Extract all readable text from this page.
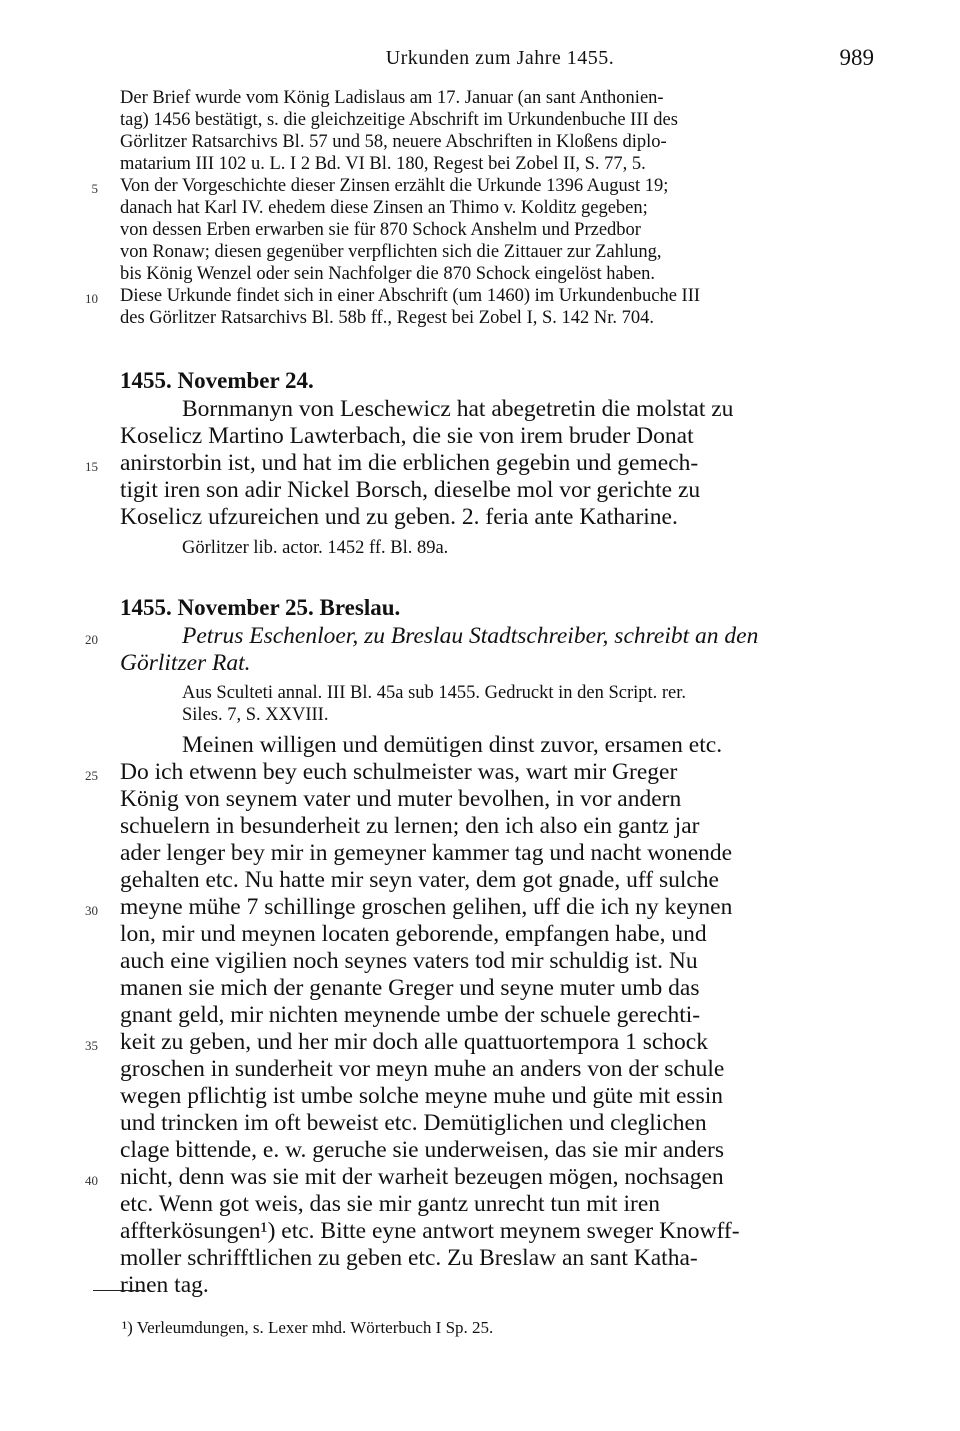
Urkunden zum Jahre 1455.	989
Der Brief wurde vom König Ladislaus am 17. Januar (an sant Anthonien-
tag) 1456 bestätigt, s. die gleichzeitige Abschrift im Urkundenbuche III des
Görlitzer Ratsarchivs Bl. 57 und 58, neuere Abschriften in Kloßens diplo-
matarium III 102 u. L. I 2 Bd. VI Bl. 180, Regest bei Zobel II, S. 77, 5.
Von der Vorgeschichte dieser Zinsen erzählt die Urkunde 1396 August 19;
danach hat Karl IV. ehedem diese Zinsen an Thimo v. Kolditz gegeben;
von dessen Erben erwarben sie für 870 Schock Anshelm und Przedbor
von Ronaw; diesen gegenüber verpflichten sich die Zittauer zur Zahlung,
bis König Wenzel oder sein Nachfolger die 870 Schock eingelöst haben.
Diese Urkunde findet sich in einer Abschrift (um 1460) im Urkundenbuche III
des Görlitzer Ratsarchivs Bl. 58b ff., Regest bei Zobel I, S. 142 Nr. 704.
1455. November 24.
Bornmanyn von Leschewicz hat abegetretin die molstat zu
Koselicz Martino Lawterbach, die sie von irem bruder Donat
anirstorbin ist, und hat im die erblichen gegebin und gemech-
tigit iren son adir Nickel Borsch, dieselbe mol vor gerichte zu
Koselicz ufzureichen und zu geben. 2. feria ante Katharine.
Görlitzer lib. actor. 1452 ff. Bl. 89a.
1455. November 25. Breslau.
Petrus Eschenloer, zu Breslau Stadtschreiber, schreibt an den
Görlitzer Rat.
Aus Sculteti annal. III Bl. 45a sub 1455. Gedruckt in den Script. rer.
Siles. 7, S. XXVIII.
Meinen willigen und demütigen dinst zuvor, ersamen etc.
Do ich etwenn bey euch schulmeister was, wart mir Greger
König von seynem vater und muter bevolhen, in vor andern
schuelern in besunderheit zu lernen; den ich also ein gantz jar
ader lenger bey mir in gemeyner kammer tag und nacht wonende
gehalten etc. Nu hatte mir seyn vater, dem got gnade, uff sulche
meyne mühe 7 schillinge groschen gelihen, uff die ich ny keynen
lon, mir und meynen locaten geborende, empfangen habe, und
auch eine vigilien noch seynes vaters tod mir schuldig ist. Nu
manen sie mich der genante Greger und seyne muter umb das
gnant geld, mir nichten meynende umbe der schuele gerechti-
keit zu geben, und her mir doch alle quattuortempora 1 schock
groschen in sunderheit vor meyn muhe an anders von der schule
wegen pflichtig ist umbe solche meyne muhe und güte mit essin
und trincken im oft beweist etc. Demütiglichen und cleglichen
clage bittende, e. w. geruche sie underweisen, das sie mir anders
nicht, denn was sie mit der warheit bezeugen mögen, nochsagen
etc. Wenn got weis, das sie mir gantz unrecht tun mit iren
affterkösungen¹) etc. Bitte eyne antwort meynem sweger Knowff-
moller schrifftlichen zu geben etc. Zu Breslaw an sant Katha-
rinen tag.
5
10
15
20
25
30
35
40
¹) Verleumdungen, s. Lexer mhd. Wörterbuch I Sp. 25.
